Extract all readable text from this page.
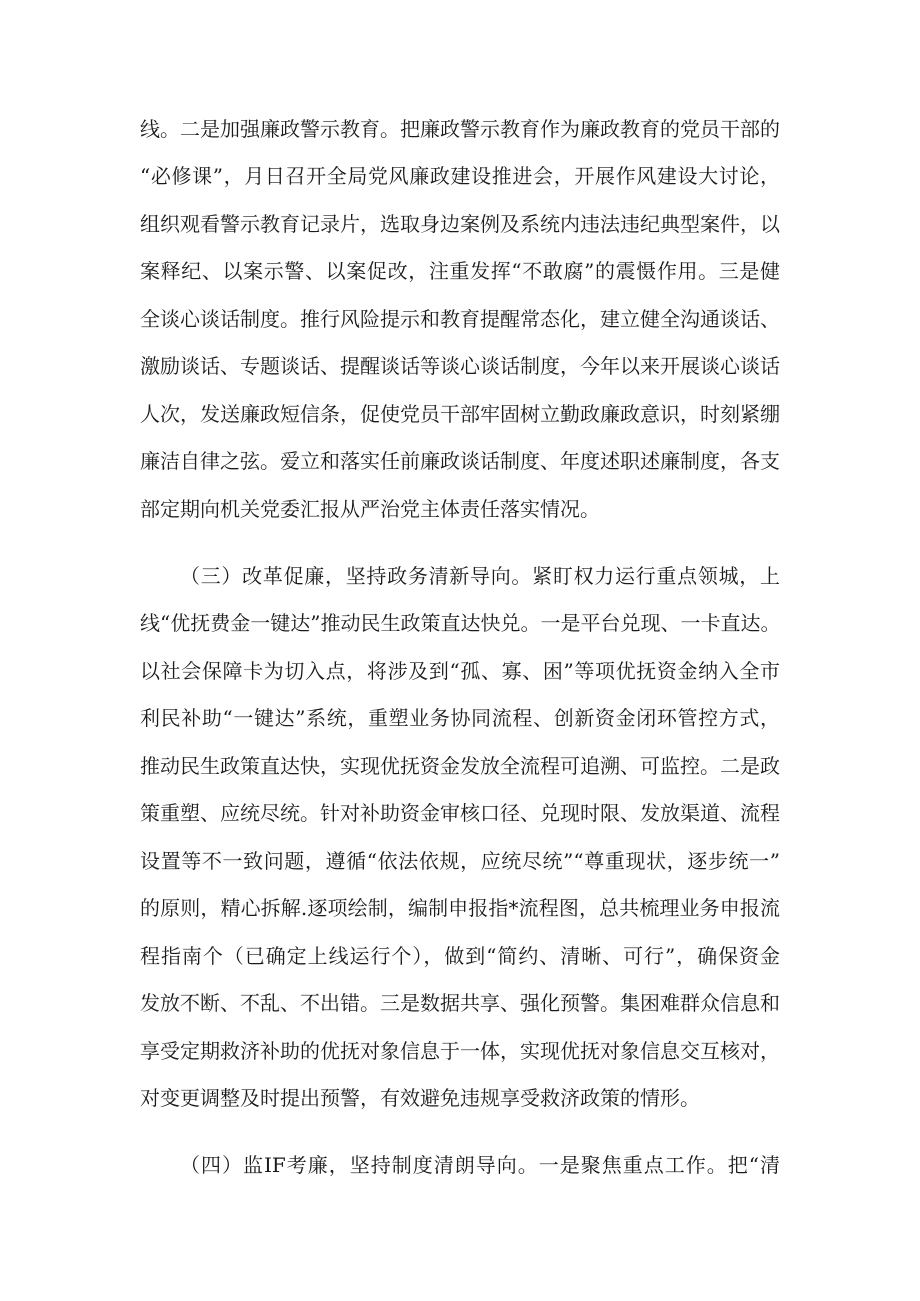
线。二是加强廉政警示教育。把廉政警示教育作为廉政教育的党员干部的
“必修课”，月日召开全局党风廉政建设推进会，开展作风建设大讨论，
组织观看警示教育记录片，选取身边案例及系统内违法违纪典型案件，以
案释纪、以案示警、以案促改，注重发挥“不敢腐”的震慑作用。三是健
全谈心谈话制度。推行风险提示和教育提醒常态化，建立健全沟通谈话、
激励谈话、专题谈话、提醒谈话等谈心谈话制度，今年以来开展谈心谈话
人次，发送廉政短信条，促使党员干部牢固树立勤政廉政意识，时刻紧绷
廉洁自律之弦。爱立和落实任前廉政谈话制度、年度述职述廉制度，各支
部定期向机关党委汇报从严治党主体责任落实情况。
（三）改革促廉，坚持政务清新导向。紧盯权力运行重点领城，上
线“优抚费金一键达”推动民生政策直达快兑。一是平台兑现、一卡直达。
以社会保障卡为切入点，将涉及到“孤、寡、困”等项优抚资金纳入全市
利民补助“一键达”系统，重塑业务协同流程、创新资金闭环管控方式，
推动民生政策直达快，实现优抚资金发放全流程可追溯、可监控。二是政
策重塑、应统尽统。针对补助资金审核口径、兑现时限、发放渠道、流程
设置等不一致问题，遵循“依法依规，应统尽统”“尊重现状，逐步统一”
的原则，精心拆解.逐项绘制，编制申报指*流程图，总共梳理业务申报流
程指南个（已确定上线运行个），做到“简约、清晰、可行”，确保资金
发放不断、不乱、不出错。三是数据共享、强化预警。集困难群众信息和
享受定期救济补助的优抚对象信息于一体，实现优抚对象信息交互核对，
对变更调整及时提出预警，有效避免违规享受救济政策的情形。
（四）监IF考廉，坚持制度清朗导向。一是聚焦重点工作。把“清
